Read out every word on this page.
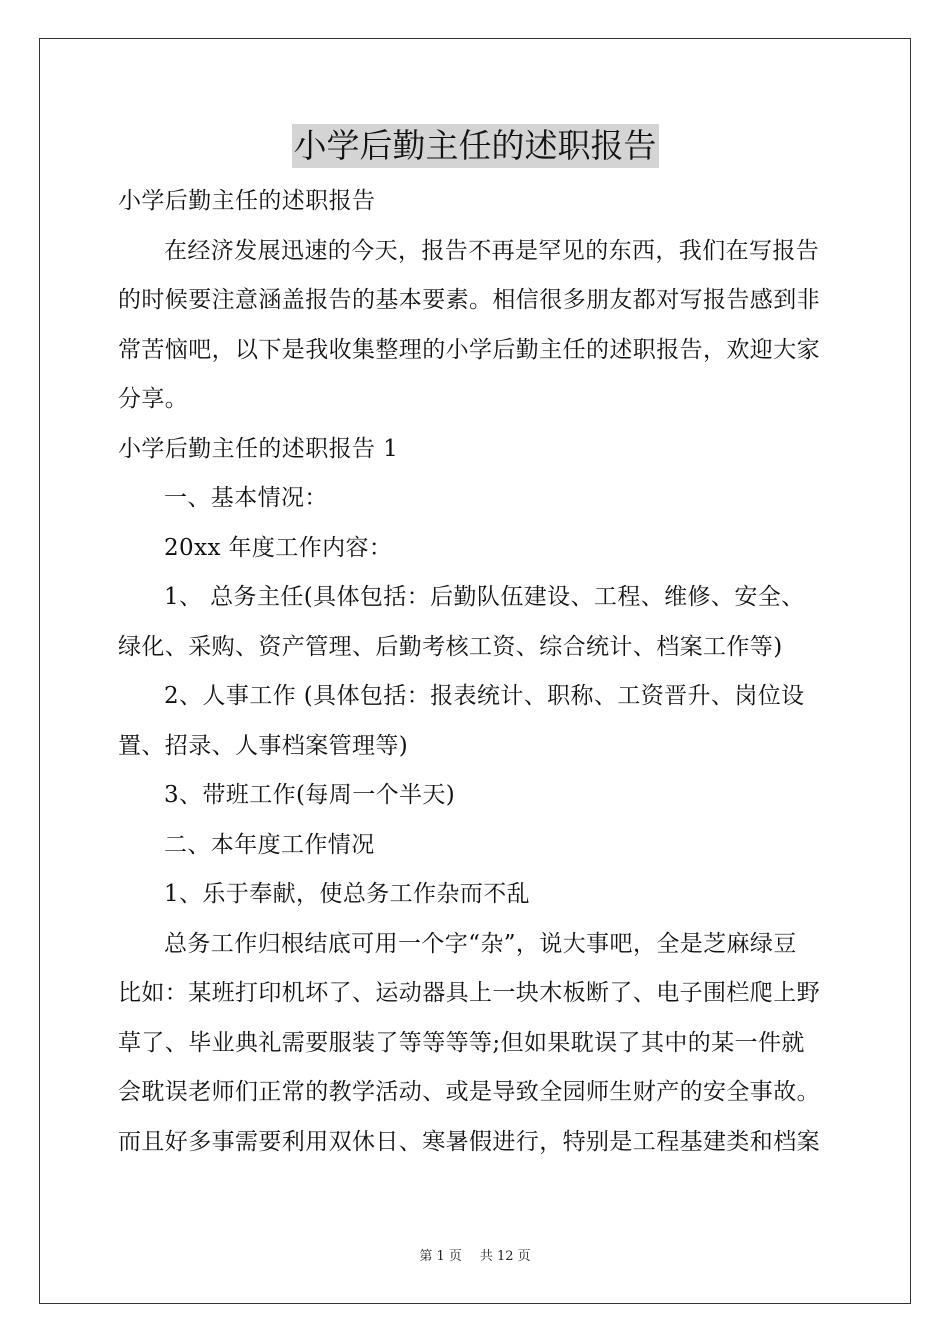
小学后勤主任的述职报告
小学后勤主任的述职报告
在经济发展迅速的今天，报告不再是罕见的东西，我们在写报告
的时候要注意涵盖报告的基本要素。相信很多朋友都对写报告感到非
常苦恼吧，以下是我收集整理的小学后勤主任的述职报告，欢迎大家
分享。
小学后勤主任的述职报告 1
一、基本情况：
20xx 年度工作内容：
1、 总务主任(具体包括：后勤队伍建设、工程、维修、安全、
绿化、采购、资产管理、后勤考核工资、综合统计、档案工作等)
2、人事工作 (具体包括：报表统计、职称、工资晋升、岗位设
置、招录、人事档案管理等)
3、带班工作(每周一个半天)
二、本年度工作情况
1、乐于奉献，使总务工作杂而不乱
总务工作归根结底可用一个字“杂”，说大事吧，全是芝麻绿豆
比如：某班打印机坏了、运动器具上一块木板断了、电子围栏爬上野
草了、毕业典礼需要服装了等等等等;但如果耽误了其中的某一件就
会耽误老师们正常的教学活动、或是导致全园师生财产的安全事故。
而且好多事需要利用双休日、寒暑假进行，特别是工程基建类和档案
第 1 页 共 12 页
